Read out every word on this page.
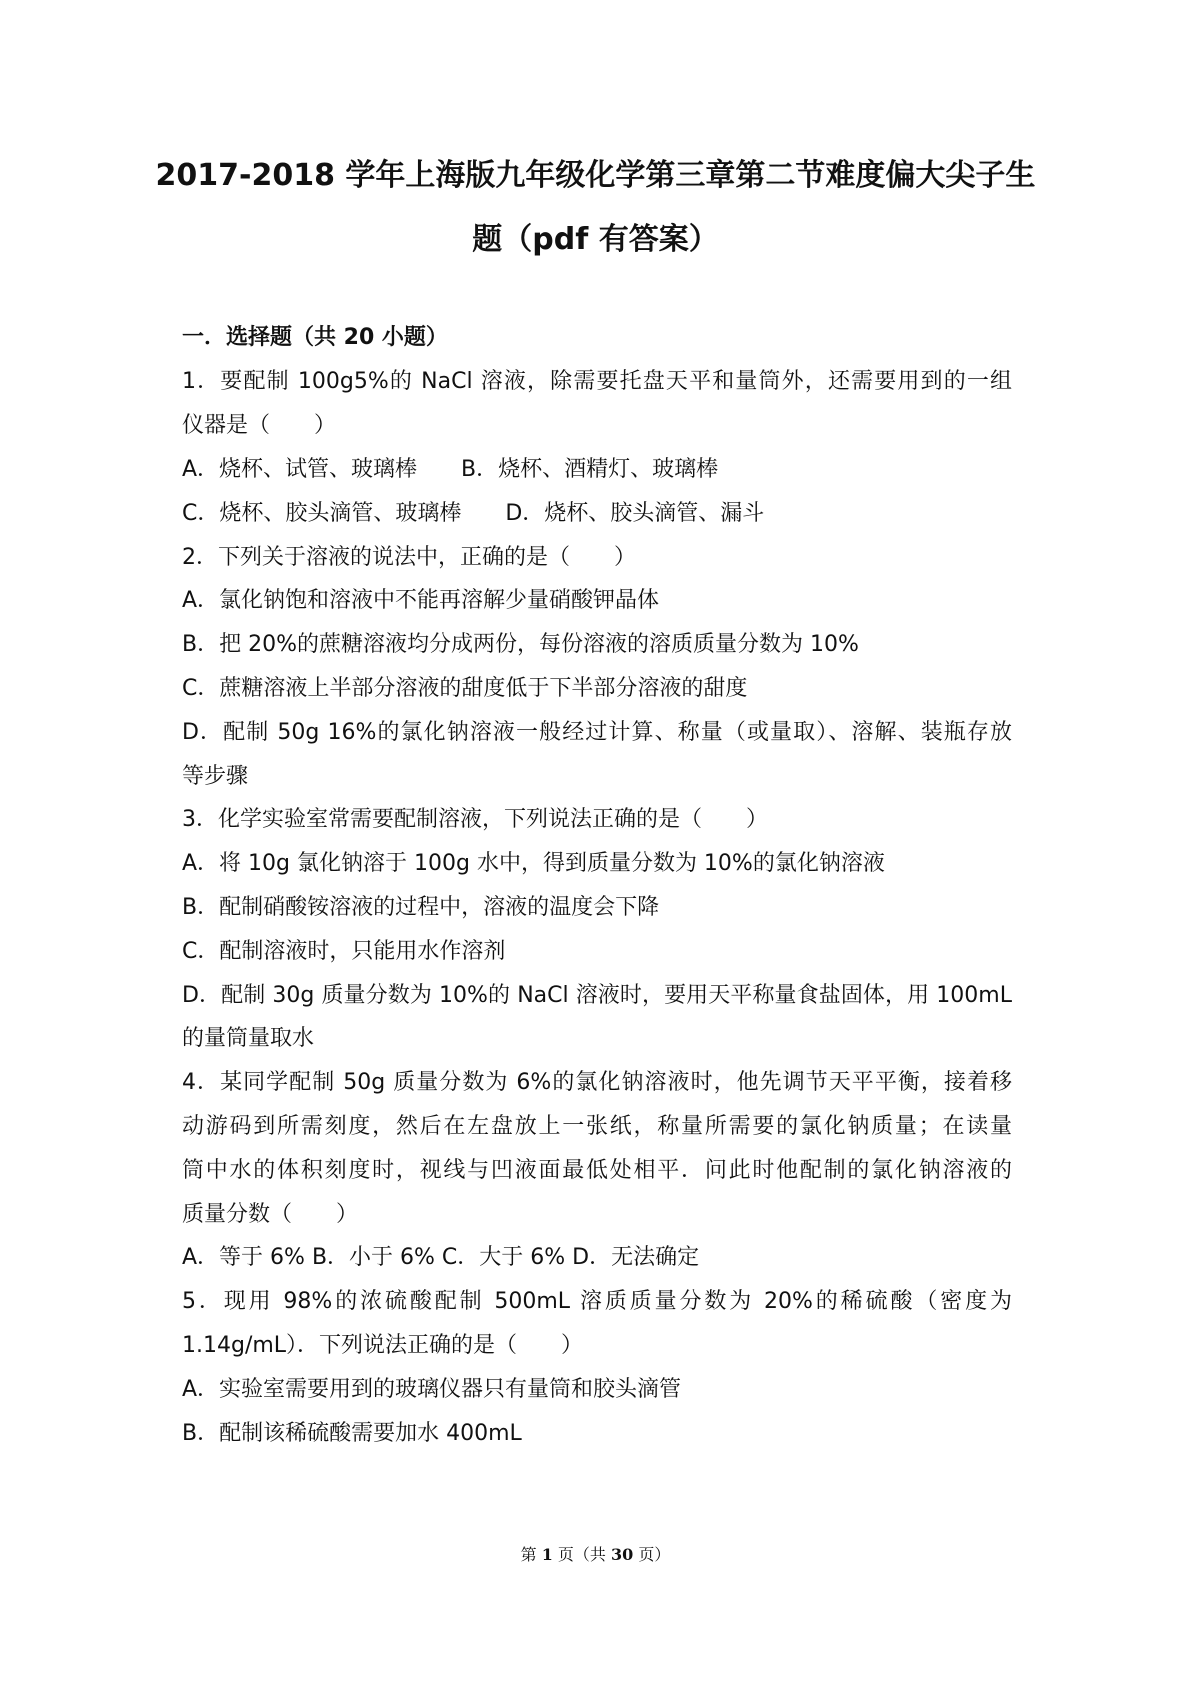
2017-2018 学年上海版九年级化学第三章第二节难度偏大尖子生
题（pdf 有答案）
一．选择题（共 20 小题）
1．要配制 100g5%的 NaCl 溶液，除需要托盘天平和量筒外，还需要用到的一组
仪器是（　　）
A．烧杯、试管、玻璃棒　　B．烧杯、酒精灯、玻璃棒
C．烧杯、胶头滴管、玻璃棒　　D．烧杯、胶头滴管、漏斗
2．下列关于溶液的说法中，正确的是（　　）
A．氯化钠饱和溶液中不能再溶解少量硝酸钾晶体
B．把 20%的蔗糖溶液均分成两份，每份溶液的溶质质量分数为 10%
C．蔗糖溶液上半部分溶液的甜度低于下半部分溶液的甜度
D．配制 50g 16%的氯化钠溶液一般经过计算、称量（或量取）、溶解、装瓶存放
等步骤
3．化学实验室常需要配制溶液，下列说法正确的是（　　）
A．将 10g 氯化钠溶于 100g 水中，得到质量分数为 10%的氯化钠溶液
B．配制硝酸铵溶液的过程中，溶液的温度会下降
C．配制溶液时，只能用水作溶剂
D．配制 30g 质量分数为 10%的 NaCl 溶液时，要用天平称量食盐固体，用 100mL
的量筒量取水
4．某同学配制 50g 质量分数为 6%的氯化钠溶液时，他先调节天平平衡，接着移
动游码到所需刻度，然后在左盘放上一张纸，称量所需要的氯化钠质量；在读量
筒中水的体积刻度时，视线与凹液面最低处相平．问此时他配制的氯化钠溶液的
质量分数（　　）
A．等于 6% B．小于 6% C．大于 6% D．无法确定
5．现用 98%的浓硫酸配制 500mL 溶质质量分数为 20%的稀硫酸（密度为
1.14g/mL）．下列说法正确的是（　　）
A．实验室需要用到的玻璃仪器只有量筒和胶头滴管
B．配制该稀硫酸需要加水 400mL
第 1 页（共 30 页）
